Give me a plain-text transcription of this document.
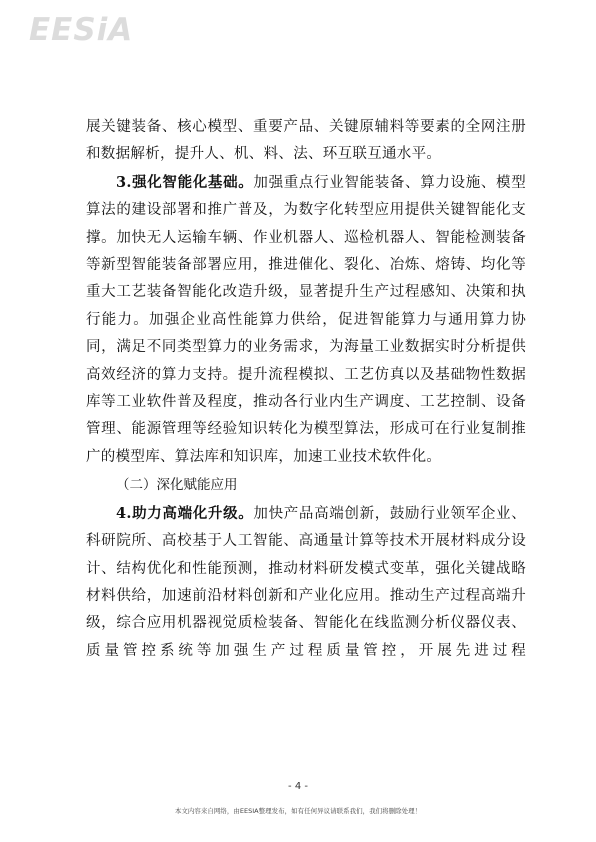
EESiA

展关键装备、核心模型、重要产品、关键原辅料等要素的全网注册和数据解析，提升人、机、料、法、环互联互通水平。

3.强化智能化基础。加强重点行业智能装备、算力设施、模型算法的建设部署和推广普及，为数字化转型应用提供关键智能化支撑。加快无人运输车辆、作业机器人、巡检机器人、智能检测装备等新型智能装备部署应用，推进催化、裂化、冶炼、熔铸、均化等重大工艺装备智能化改造升级，显著提升生产过程感知、决策和执行能力。加强企业高性能算力供给，促进智能算力与通用算力协同，满足不同类型算力的业务需求，为海量工业数据实时分析提供高效经济的算力支持。提升流程模拟、工艺仿真以及基础物性数据库等工业软件普及程度，推动各行业内生产调度、工艺控制、设备管理、能源管理等经验知识转化为模型算法，形成可在行业复制推广的模型库、算法库和知识库，加速工业技术软件化。

（二）深化赋能应用

4.助力高端化升级。加快产品高端创新，鼓励行业领军企业、科研院所、高校基于人工智能、高通量计算等技术开展材料成分设计、结构优化和性能预测，推动材料研发模式变革，强化关键战略材料供给，加速前沿材料创新和产业化应用。推动生产过程高端升级，综合应用机器视觉质检装备、智能化在线监测分析仪器仪表、质量管控系统等加强生产过程质量管控，开展先进过程

- 4 -
本文内容来自网络，由EESIA整理发布，如有任何异议请联系我们，我们将删除处理！
